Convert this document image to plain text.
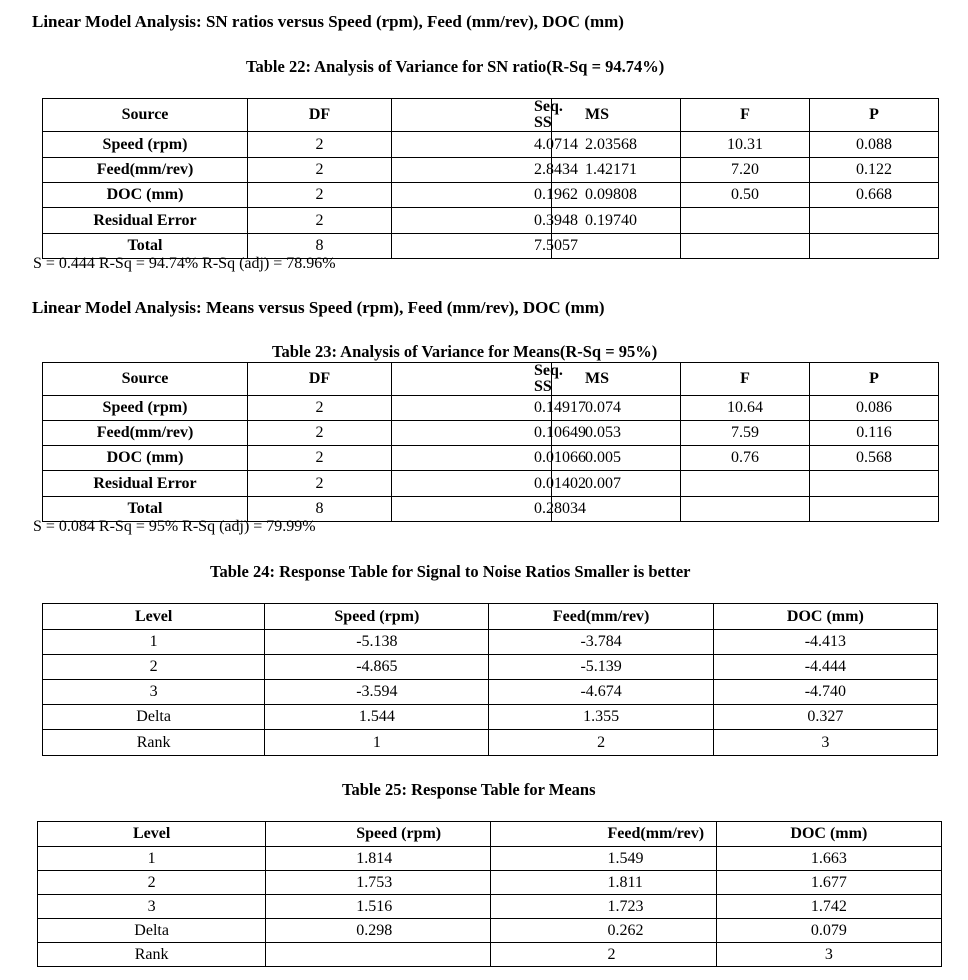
Linear Model Analysis: SN ratios versus Speed (rpm), Feed (mm/rev), DOC (mm)
Table 22: Analysis of Variance for SN ratio(R-Sq = 94.74%)
Source	DF	Seq. SS	MS	F	P
Speed (rpm)	2	4.0714	2.03568	10.31	0.088
Feed(mm/rev)	2	2.8434	1.42171	7.20	0.122
DOC (mm)	2	0.1962	0.09808	0.50	0.668
Residual Error	2	0.3948	0.19740		
Total	8	7.5057			
S = 0.444 R-Sq = 94.74% R-Sq (adj) = 78.96%
Linear Model Analysis: Means versus Speed (rpm), Feed (mm/rev), DOC (mm)
Table 23: Analysis of Variance for Means(R-Sq = 95%)
Source	DF	Seq. SS	MS	F	P
Speed (rpm)	2	0.14917	0.074	10.64	0.086
Feed(mm/rev)	2	0.10649	0.053	7.59	0.116
DOC (mm)	2	0.01066	0.005	0.76	0.568
Residual Error	2	0.01402	0.007		
Total	8	0.28034			
S = 0.084 R-Sq = 95% R-Sq (adj) = 79.99%
Table 24: Response Table for Signal to Noise Ratios Smaller is better
Level	Speed (rpm)	Feed(mm/rev)	DOC (mm)
1	-5.138	-3.784	-4.413
2	-4.865	-5.139	-4.444
3	-3.594	-4.674	-4.740
Delta	1.544	1.355	0.327
Rank	1	2	3
Table 25: Response Table for Means
Level	Speed (rpm)	Feed(mm/rev)	DOC (mm)
1	1.814	1.549	1.663
2	1.753	1.811	1.677
3	1.516	1.723	1.742
Delta	0.298	0.262	0.079
Rank		2	3
